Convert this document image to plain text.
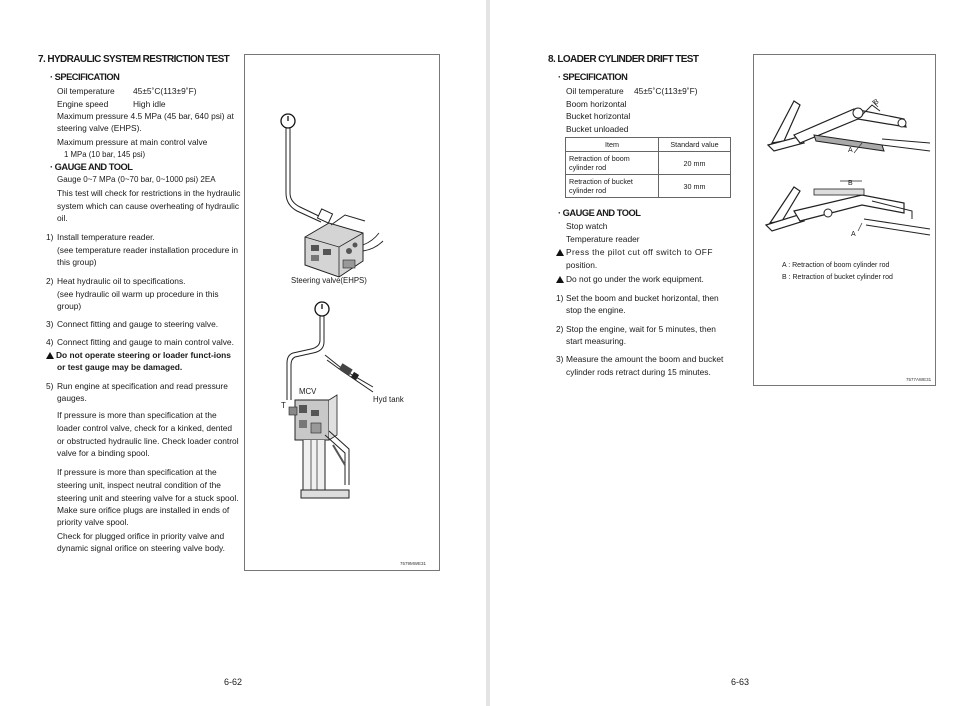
7. HYDRAULIC SYSTEM RESTRICTION TEST
· SPECIFICATION
Oil temperature 45±5˚C(113±9˚F)
Engine speed	High idle
Maximum pressure 4.5 MPa (45 bar, 640 psi) at
steering valve (EHPS).
Maximum pressure at main control valve
1 MPa (10 bar, 145 psi)
· GAUGE AND TOOL
Gauge 0~7 MPa (0~70 bar, 0~1000 psi) 2EA
This test will check for restrictions in the hydraulic
system which can cause overheating of hydraulic
oil.
1) Install temperature reader.
(see temperature reader installation procedure in
this group)
2) Heat hydraulic oil to specifications.
(see hydraulic oil warm up procedure in this
group)
3) Connect fitting and gauge to steering valve.
4) Connect fitting and gauge to main control valve.
Do not operate steering or loader funct-ions
or test gauge may be damaged.
5) Run engine at specification and read pressure
gauges.
If pressure is more than specification at the
loader control valve, check for a kinked, dented
or obstructed hydraulic line. Check loader control
valve for a binding spool.
If pressure is more than specification at the
steering unit, inspect neutral condition of the
steering unit and steering valve for a stuck spool.
Make sure orifice plugs are installed in ends of
priority valve spool.
Check for plugged orifice in priority valve and
dynamic signal orifice on steering valve body.
Steering valve(EHPS)
MCV
T
Hyd tank
7579MWE31
6-62
8. LOADER CYLINDER DRIFT TEST
· SPECIFICATION
Oil temperature 45±5˚C(113±9˚F)
Boom horizontal
Bucket horizontal
Bucket unloaded
Item	Standard value

Retraction of boom
cylinder rod	20 mm

Retraction of bucket
cylinder rod	30 mm
· GAUGE AND TOOL
Stop watch
Temperature reader
Press the pilot cut off switch to OFF
position.
Do not go under the work equipment.
1) Set the boom and bucket horizontal, then
stop the engine.
2) Stop the engine, wait for 5 minutes, then
start measuring.
3) Measure the amount the boom and bucket
cylinder rods retract during 15 minutes.
A
B
B
A
A : Retraction of boom cylinder rod
B : Retraction of bucket cylinder rod
7577AWE31
6-63
